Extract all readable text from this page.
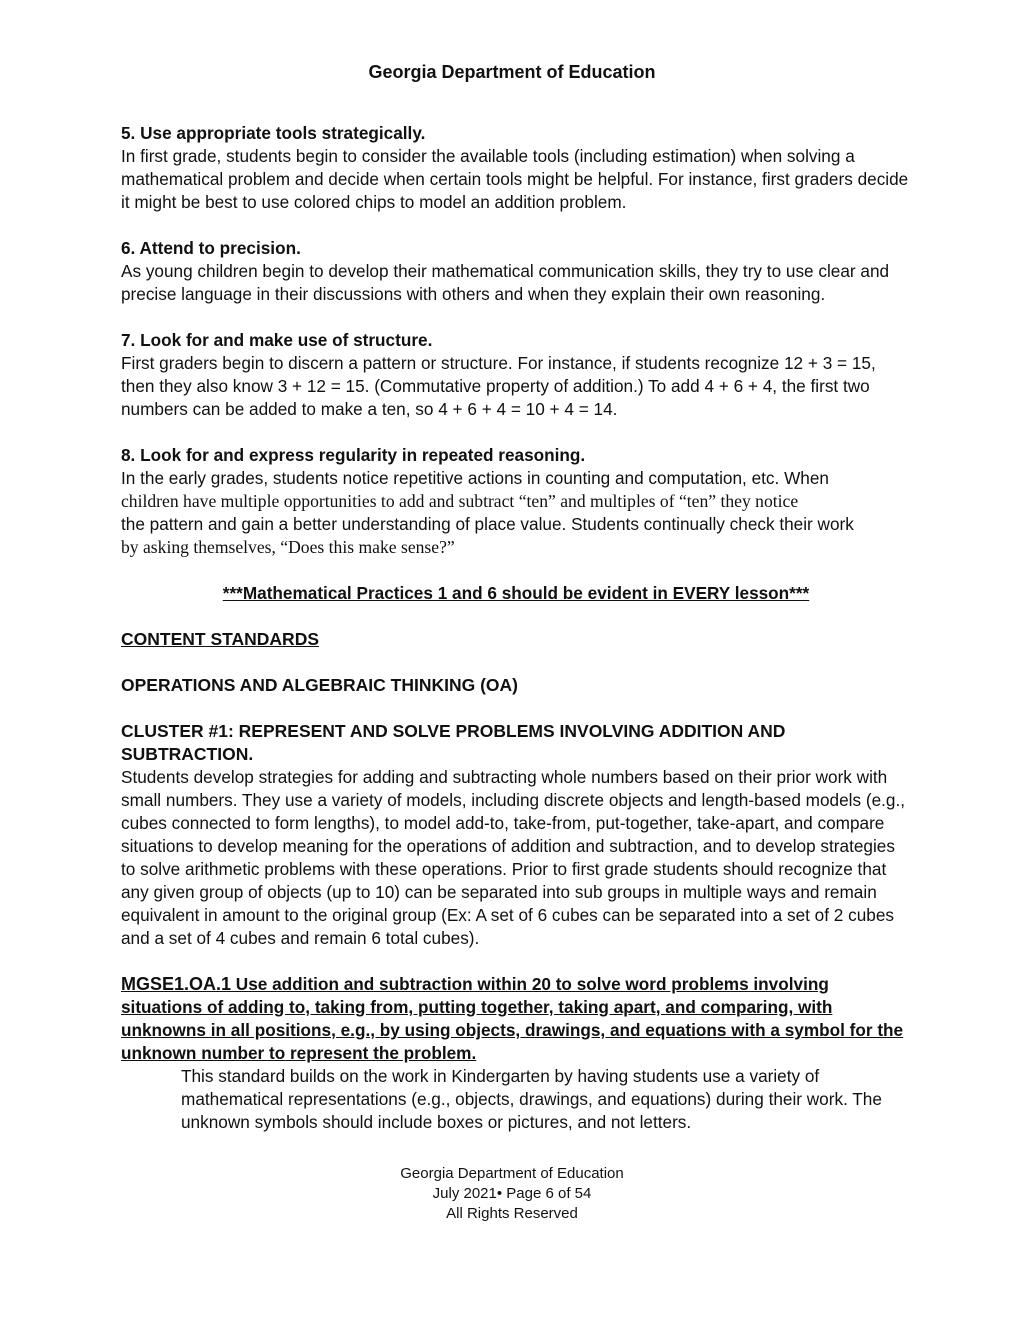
Georgia Department of Education
5. Use appropriate tools strategically.
In first grade, students begin to consider the available tools (including estimation) when solving a mathematical problem and decide when certain tools might be helpful. For instance, first graders decide it might be best to use colored chips to model an addition problem.
6. Attend to precision.
As young children begin to develop their mathematical communication skills, they try to use clear and precise language in their discussions with others and when they explain their own reasoning.
7. Look for and make use of structure.
First graders begin to discern a pattern or structure. For instance, if students recognize 12 + 3 = 15, then they also know 3 + 12 = 15. (Commutative property of addition.) To add 4 + 6 + 4, the first two numbers can be added to make a ten, so 4 + 6 + 4 = 10 + 4 = 14.
8. Look for and express regularity in repeated reasoning.
In the early grades, students notice repetitive actions in counting and computation, etc. When
children have multiple opportunities to add and subtract “ten” and multiples of “ten” they notice
the pattern and gain a better understanding of place value. Students continually check their work
by asking themselves, “Does this make sense?”
***Mathematical Practices 1 and 6 should be evident in EVERY lesson***
CONTENT STANDARDS
OPERATIONS AND ALGEBRAIC THINKING (OA)
CLUSTER #1: REPRESENT AND SOLVE PROBLEMS INVOLVING ADDITION AND SUBTRACTION.
Students develop strategies for adding and subtracting whole numbers based on their prior work with small numbers. They use a variety of models, including discrete objects and length-based models (e.g., cubes connected to form lengths), to model add-to, take-from, put-together, take-apart, and compare situations to develop meaning for the operations of addition and subtraction, and to develop strategies to solve arithmetic problems with these operations. Prior to first grade students should recognize that any given group of objects (up to 10) can be separated into sub groups in multiple ways and remain equivalent in amount to the original group (Ex: A set of 6 cubes can be separated into a set of 2 cubes and a set of 4 cubes and remain 6 total cubes).
MGSE1.OA.1 Use addition and subtraction within 20 to solve word problems involving situations of adding to, taking from, putting together, taking apart, and comparing, with unknowns in all positions, e.g., by using objects, drawings, and equations with a symbol for the unknown number to represent the problem.
This standard builds on the work in Kindergarten by having students use a variety of mathematical representations (e.g., objects, drawings, and equations) during their work. The unknown symbols should include boxes or pictures, and not letters.
Georgia Department of Education
July 2021• Page 6 of 54
All Rights Reserved
